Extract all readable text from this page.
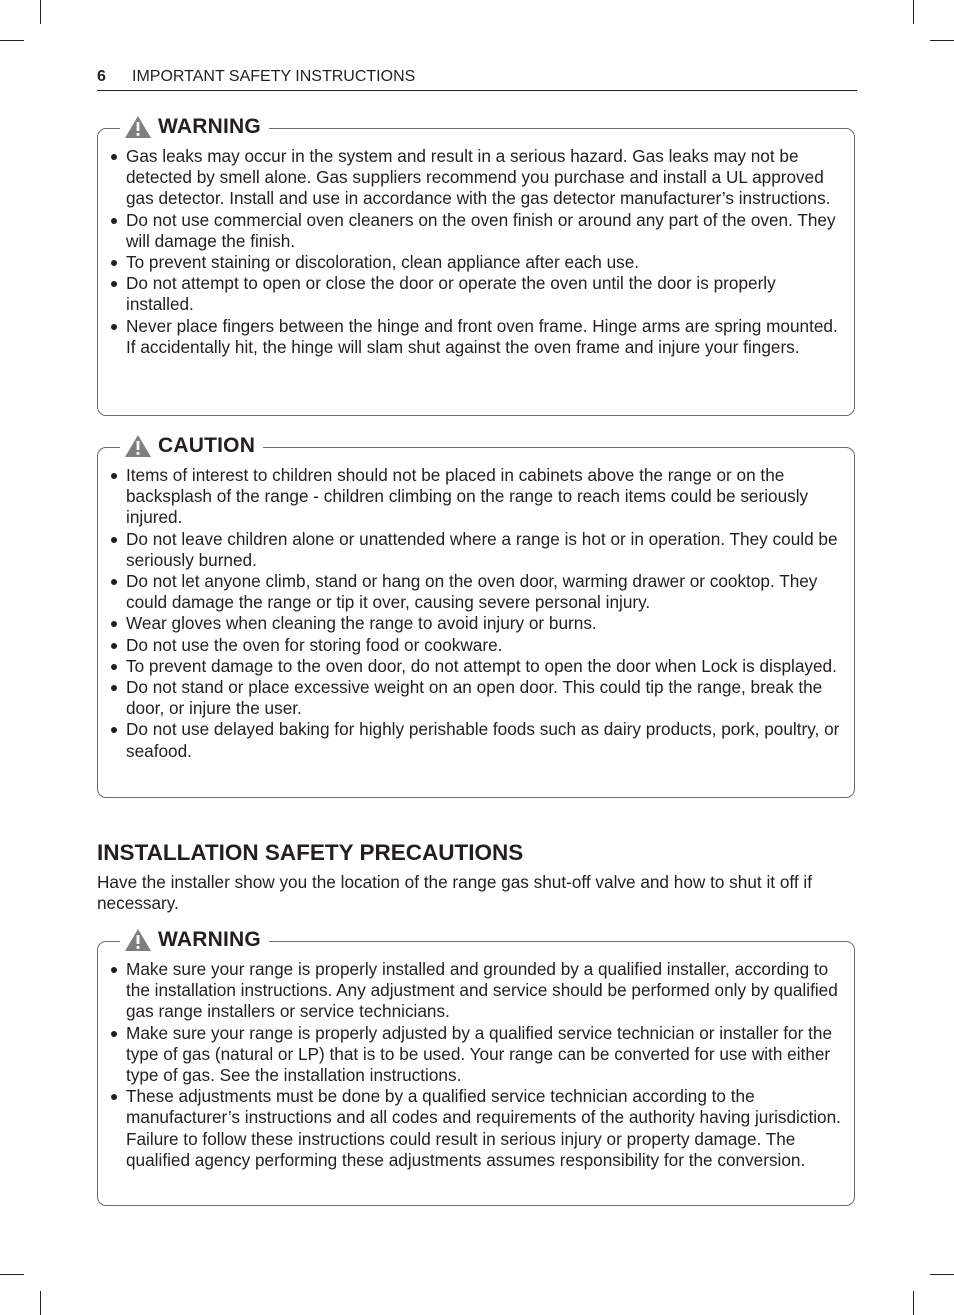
6 IMPORTANT SAFETY INSTRUCTIONS
WARNING
Gas leaks may occur in the system and result in a serious hazard. Gas leaks may not be detected by smell alone. Gas suppliers recommend you purchase and install a UL approved gas detector. Install and use in accordance with the gas detector manufacturer’s instructions.
Do not use commercial oven cleaners on the oven finish or around any part of the oven. They will damage the finish.
To prevent staining or discoloration, clean appliance after each use.
Do not attempt to open or close the door or operate the oven until the door is properly installed.
Never place fingers between the hinge and front oven frame. Hinge arms are spring mounted. If accidentally hit, the hinge will slam shut against the oven frame and injure your fingers.
CAUTION
Items of interest to children should not be placed in cabinets above the range or on the backsplash of the range - children climbing on the range to reach items could be seriously injured.
Do not leave children alone or unattended where a range is hot or in operation. They could be seriously burned.
Do not let anyone climb, stand or hang on the oven door, warming drawer or cooktop. They could damage the range or tip it over, causing severe personal injury.
Wear gloves when cleaning the range to avoid injury or burns.
Do not use the oven for storing food or cookware.
To prevent damage to the oven door, do not attempt to open the door when Lock is displayed.
Do not stand or place excessive weight on an open door. This could tip the range, break the door, or injure the user.
Do not use delayed baking for highly perishable foods such as dairy products, pork, poultry, or seafood.
INSTALLATION SAFETY PRECAUTIONS

Have the installer show you the location of the range gas shut-off valve and how to shut it off if necessary.

WARNING
Make sure your range is properly installed and grounded by a qualified installer, according to the installation instructions. Any adjustment and service should be performed only by qualified gas range installers or service technicians.
Make sure your range is properly adjusted by a qualified service technician or installer for the type of gas (natural or LP) that is to be used. Your range can be converted for use with either type of gas. See the installation instructions.
These adjustments must be done by a qualified service technician according to the manufacturer’s instructions and all codes and requirements of the authority having jurisdiction. Failure to follow these instructions could result in serious injury or property damage. The qualified agency performing these adjustments assumes responsibility for the conversion.
